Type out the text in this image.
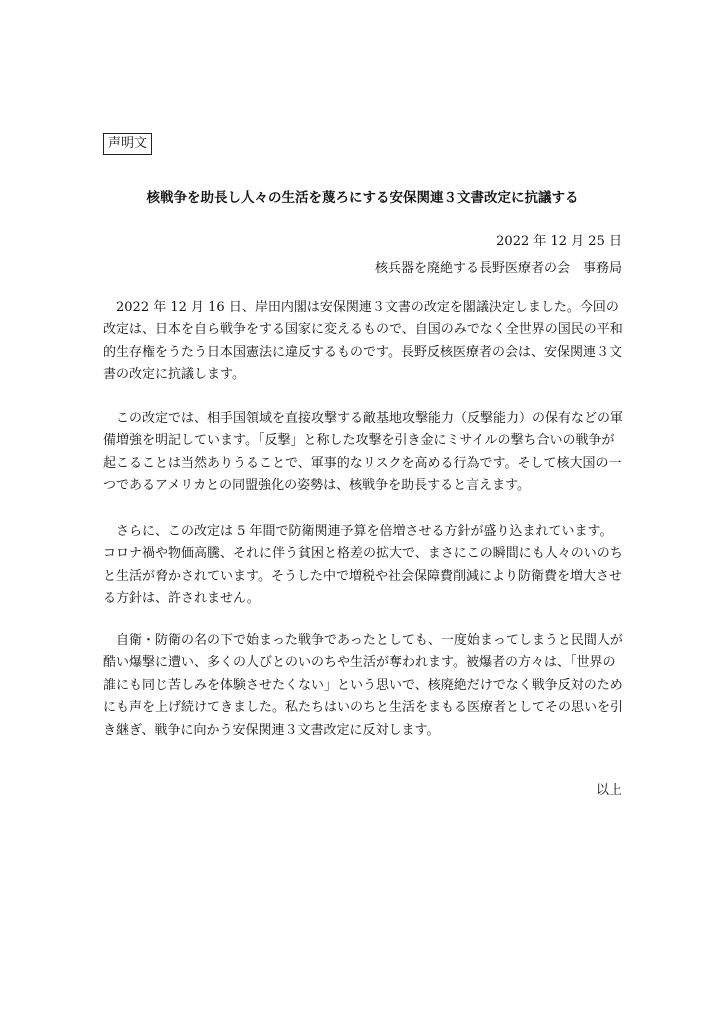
声明文
核戦争を助長し人々の生活を蔑ろにする安保関連３文書改定に抗議する
2022 年 12 月 25 日
核兵器を廃絶する長野医療者の会　事務局

2022 年 12 月 16 日、岸田内閣は安保関連３文書の改定を閣議決定しました。今回の改定は、日本を自ら戦争をする国家に変えるもので、自国のみでなく全世界の国民の平和的生存権をうたう日本国憲法に違反するものです。長野反核医療者の会は、安保関連３文書の改定に抗議します。

この改定では、相手国領域を直接攻撃する敵基地攻撃能力（反撃能力）の保有などの軍備増強を明記しています。「反撃」と称した攻撃を引き金にミサイルの撃ち合いの戦争が起こることは当然ありうることで、軍事的なリスクを高める行為です。そして核大国の一つであるアメリカとの同盟強化の姿勢は、核戦争を助長すると言えます。

さらに、この改定は 5 年間で防衛関連予算を倍増させる方針が盛り込まれています。コロナ禍や物価高騰、それに伴う貧困と格差の拡大で、まさにこの瞬間にも人々のいのちと生活が脅かされています。そうした中で増税や社会保障費削減により防衛費を増大させる方針は、許されません。

自衛・防衛の名の下で始まった戦争であったとしても、一度始まってしまうと民間人が酷い爆撃に遭い、多くの人びとのいのちや生活が奪われます。被爆者の方々は、「世界の誰にも同じ苦しみを体験させたくない」という思いで、核廃絶だけでなく戦争反対のためにも声を上げ続けてきました。私たちはいのちと生活をまもる医療者としてその思いを引き継ぎ、戦争に向かう安保関連３文書改定に反対します。

以上
